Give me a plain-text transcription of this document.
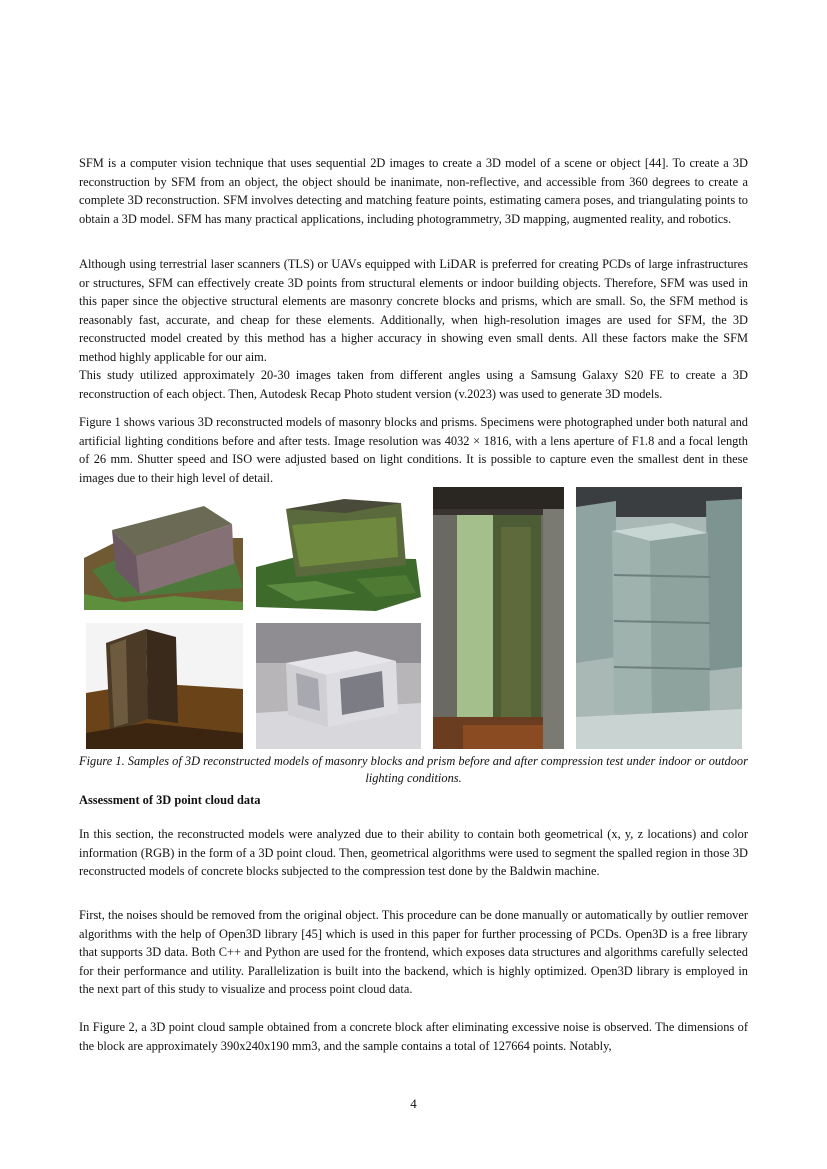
SFM is a computer vision technique that uses sequential 2D images to create a 3D model of a scene or object [44]. To create a 3D reconstruction by SFM from an object, the object should be inanimate, non-reflective, and accessible from 360 degrees to create a complete 3D reconstruction. SFM involves detecting and matching feature points, estimating camera poses, and triangulating points to obtain a 3D model. SFM has many practical applications, including photogrammetry, 3D mapping, augmented reality, and robotics.

Although using terrestrial laser scanners (TLS) or UAVs equipped with LiDAR is preferred for creating PCDs of large infrastructures or structures, SFM can effectively create 3D points from structural elements or indoor building objects. Therefore, SFM was used in this paper since the objective structural elements are masonry concrete blocks and prisms, which are small. So, the SFM method is reasonably fast, accurate, and cheap for these elements. Additionally, when high-resolution images are used for SFM, the 3D reconstructed model created by this method has a higher accuracy in showing even small dents. All these factors make the SFM method highly applicable for our aim.

This study utilized approximately 20-30 images taken from different angles using a Samsung Galaxy S20 FE to create a 3D reconstruction of each object. Then, Autodesk Recap Photo student version (v.2023) was used to generate 3D models.

Figure 1 shows various 3D reconstructed models of masonry blocks and prisms. Specimens were photographed under both natural and artificial lighting conditions before and after tests. Image resolution was 4032 × 1816, with a lens aperture of F1.8 and a focal length of 26 mm. Shutter speed and ISO were adjusted based on light conditions. It is possible to capture even the smallest dent in these images due to their high level of detail.

Figure 1. Samples of 3D reconstructed models of masonry blocks and prism before and after compression test under indoor or outdoor lighting conditions.

Assessment of 3D point cloud data

In this section, the reconstructed models were analyzed due to their ability to contain both geometrical (x, y, z locations) and color information (RGB) in the form of a 3D point cloud. Then, geometrical algorithms were used to segment the spalled region in those 3D reconstructed models of concrete blocks subjected to the compression test done by the Baldwin machine.

First, the noises should be removed from the original object. This procedure can be done manually or automatically by outlier remover algorithms with the help of Open3D library [45] which is used in this paper for further processing of PCDs. Open3D is a free library that supports 3D data. Both C++ and Python are used for the frontend, which exposes data structures and algorithms carefully selected for their performance and utility. Parallelization is built into the backend, which is highly optimized. Open3D library is employed in the next part of this study to visualize and process point cloud data.

In Figure 2, a 3D point cloud sample obtained from a concrete block after eliminating excessive noise is observed. The dimensions of the block are approximately 390x240x190 mm3, and the sample contains a total of 127664 points. Notably,

4
